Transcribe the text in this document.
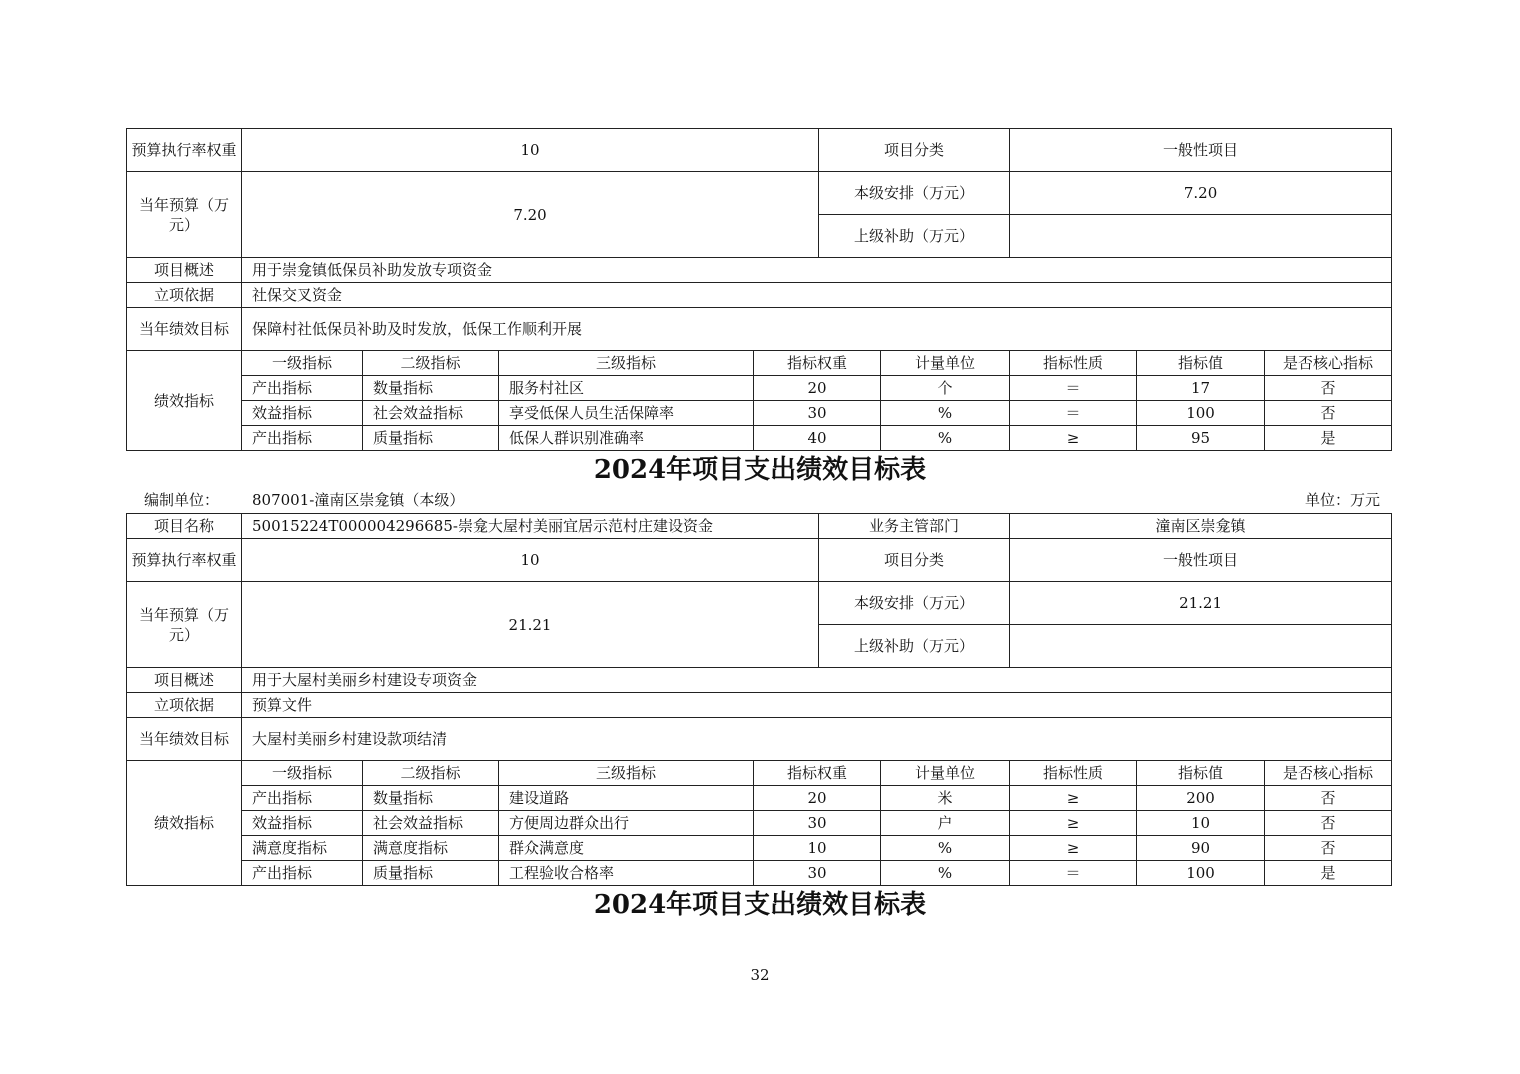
预算执行率权重	10				项目分类		一般性项目		
当年预算（万元）	7.20				本级安排（万元）		7.20		
					上级补助（万元）				
项目概述	用于崇龛镇低保员补助发放专项资金								
立项依据	社保交叉资金								
当年绩效目标	保障村社低保员补助及时发放，低保工作顺利开展								
绩效指标	一级指标	二级指标	三级指标	指标权重		计量单位	指标性质	指标值	是否核心指标
	产出指标	数量指标	服务村社区	20		个	＝	17	否
	效益指标	社会效益指标	享受低保人员生活保障率	30		%	＝	100	否
	产出指标	质量指标	低保人群识别准确率	40		%	≥	95	是
2024年项目支出绩效目标表
编制单位： 807001-潼南区崇龛镇（本级）	单位：万元
项目名称	50015224T000004296685-崇龛大屋村美丽宜居示范村庄建设资金				业务主管部门		潼南区崇龛镇		
预算执行率权重	10				项目分类		一般性项目		
当年预算（万元）	21.21				本级安排（万元）		21.21		
					上级补助（万元）				
项目概述	用于大屋村美丽乡村建设专项资金								
立项依据	预算文件								
当年绩效目标	大屋村美丽乡村建设款项结清								
绩效指标	一级指标	二级指标	三级指标	指标权重		计量单位	指标性质	指标值	是否核心指标
	产出指标	数量指标	建设道路	20		米	≥	200	否
	效益指标	社会效益指标	方便周边群众出行	30		户	≥	10	否
	满意度指标	满意度指标	群众满意度	10		%	≥	90	否
	产出指标	质量指标	工程验收合格率	30		%	＝	100	是
2024年项目支出绩效目标表
32
